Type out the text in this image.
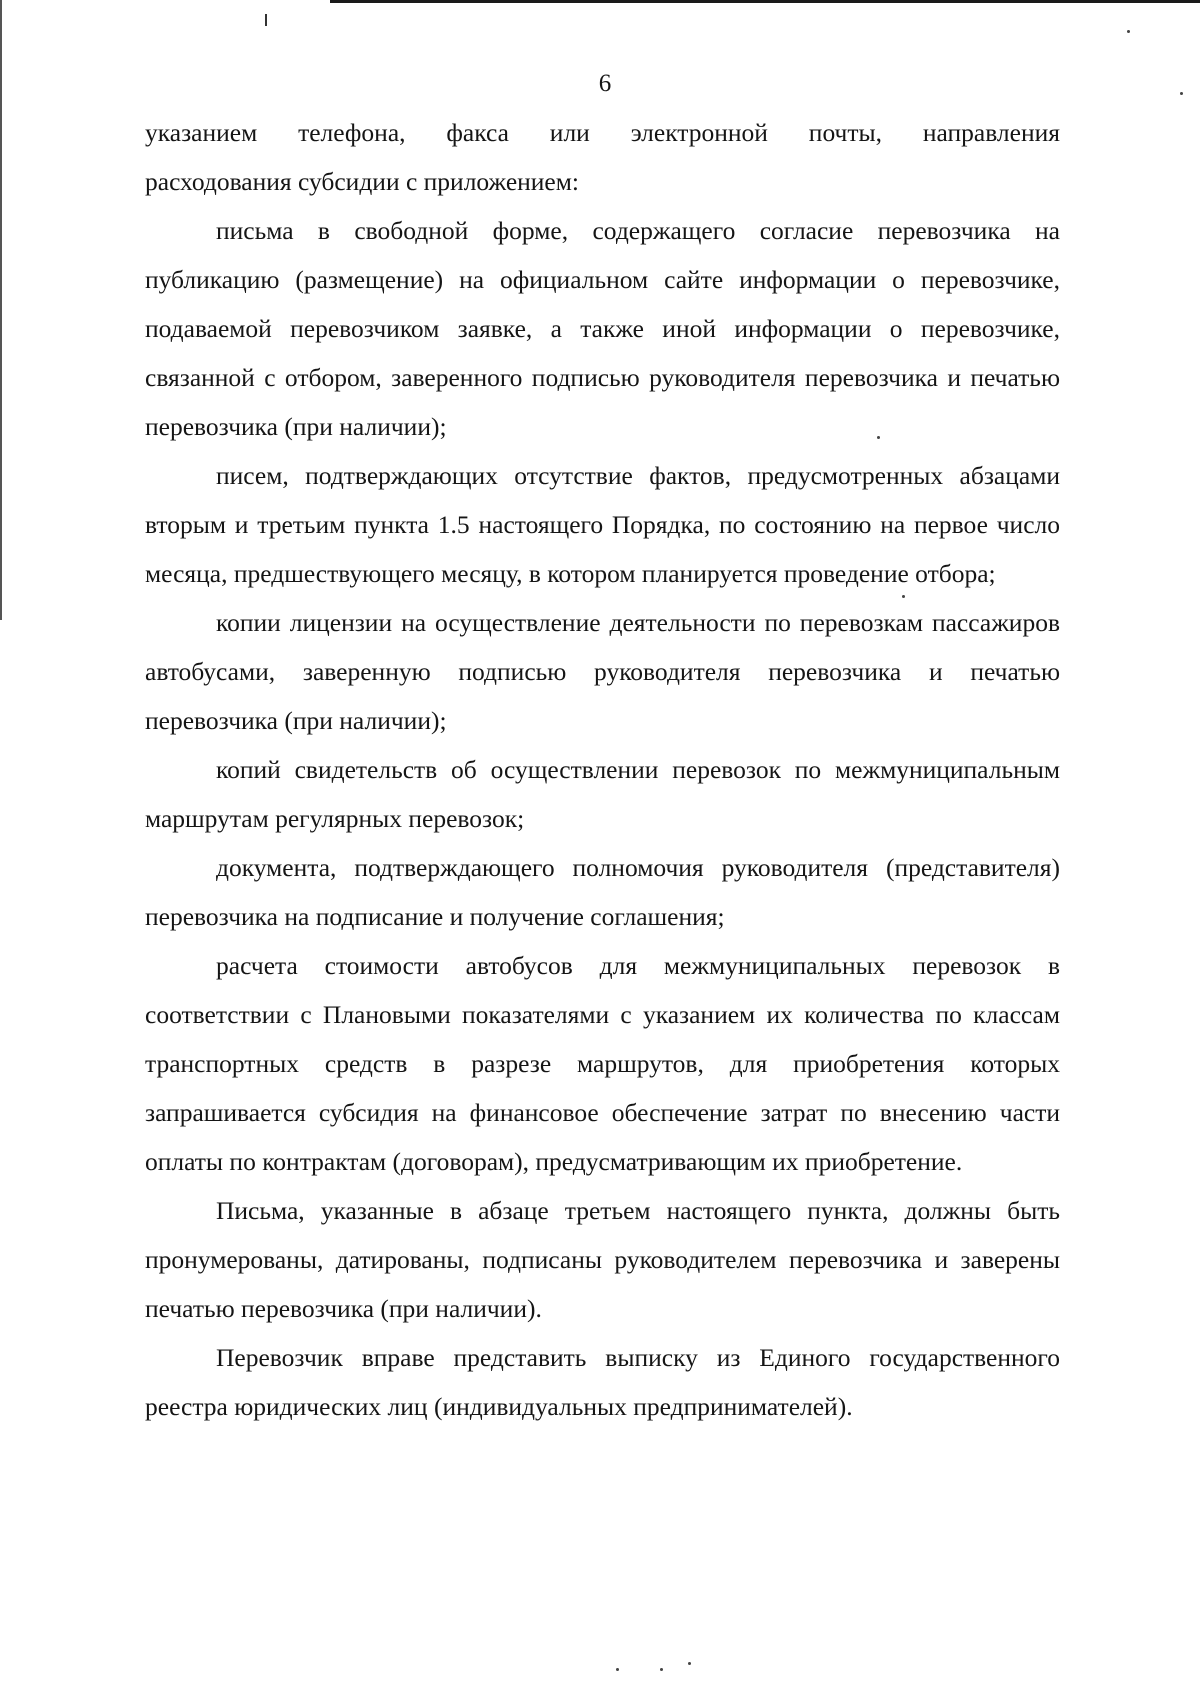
6

указанием телефона, факса или электронной почты, направления

расходования субсидии с приложением:

письма в свободной форме, содержащего согласие перевозчика на публикацию (размещение) на официальном сайте информации о перевозчике, подаваемой перевозчиком заявке, а также иной информации о перевозчике, связанной с отбором, заверенного подписью руководителя перевозчика и печатью перевозчика (при наличии);

писем, подтверждающих отсутствие фактов, предусмотренных абзацами вторым и третьим пункта 1.5 настоящего Порядка, по состоянию на первое число месяца, предшествующего месяцу, в котором планируется проведение отбора;

копии лицензии на осуществление деятельности по перевозкам пассажиров автобусами, заверенную подписью руководителя перевозчика и печатью перевозчика (при наличии);

копий свидетельств об осуществлении перевозок по межмуниципальным маршрутам регулярных перевозок;

документа, подтверждающего полномочия руководителя (представителя) перевозчика на подписание и получение соглашения;

расчета стоимости автобусов для межмуниципальных перевозок в соответствии с Плановыми показателями с указанием их количества по классам транспортных средств в разрезе маршрутов, для приобретения которых запрашивается субсидия на финансовое обеспечение затрат по внесению части оплаты по контрактам (договорам), предусматривающим их приобретение.

Письма, указанные в абзаце третьем настоящего пункта, должны быть пронумерованы, датированы, подписаны руководителем перевозчика и заверены печатью перевозчика (при наличии).

Перевозчик вправе представить выписку из Единого государственного реестра юридических лиц (индивидуальных предпринимателей).
